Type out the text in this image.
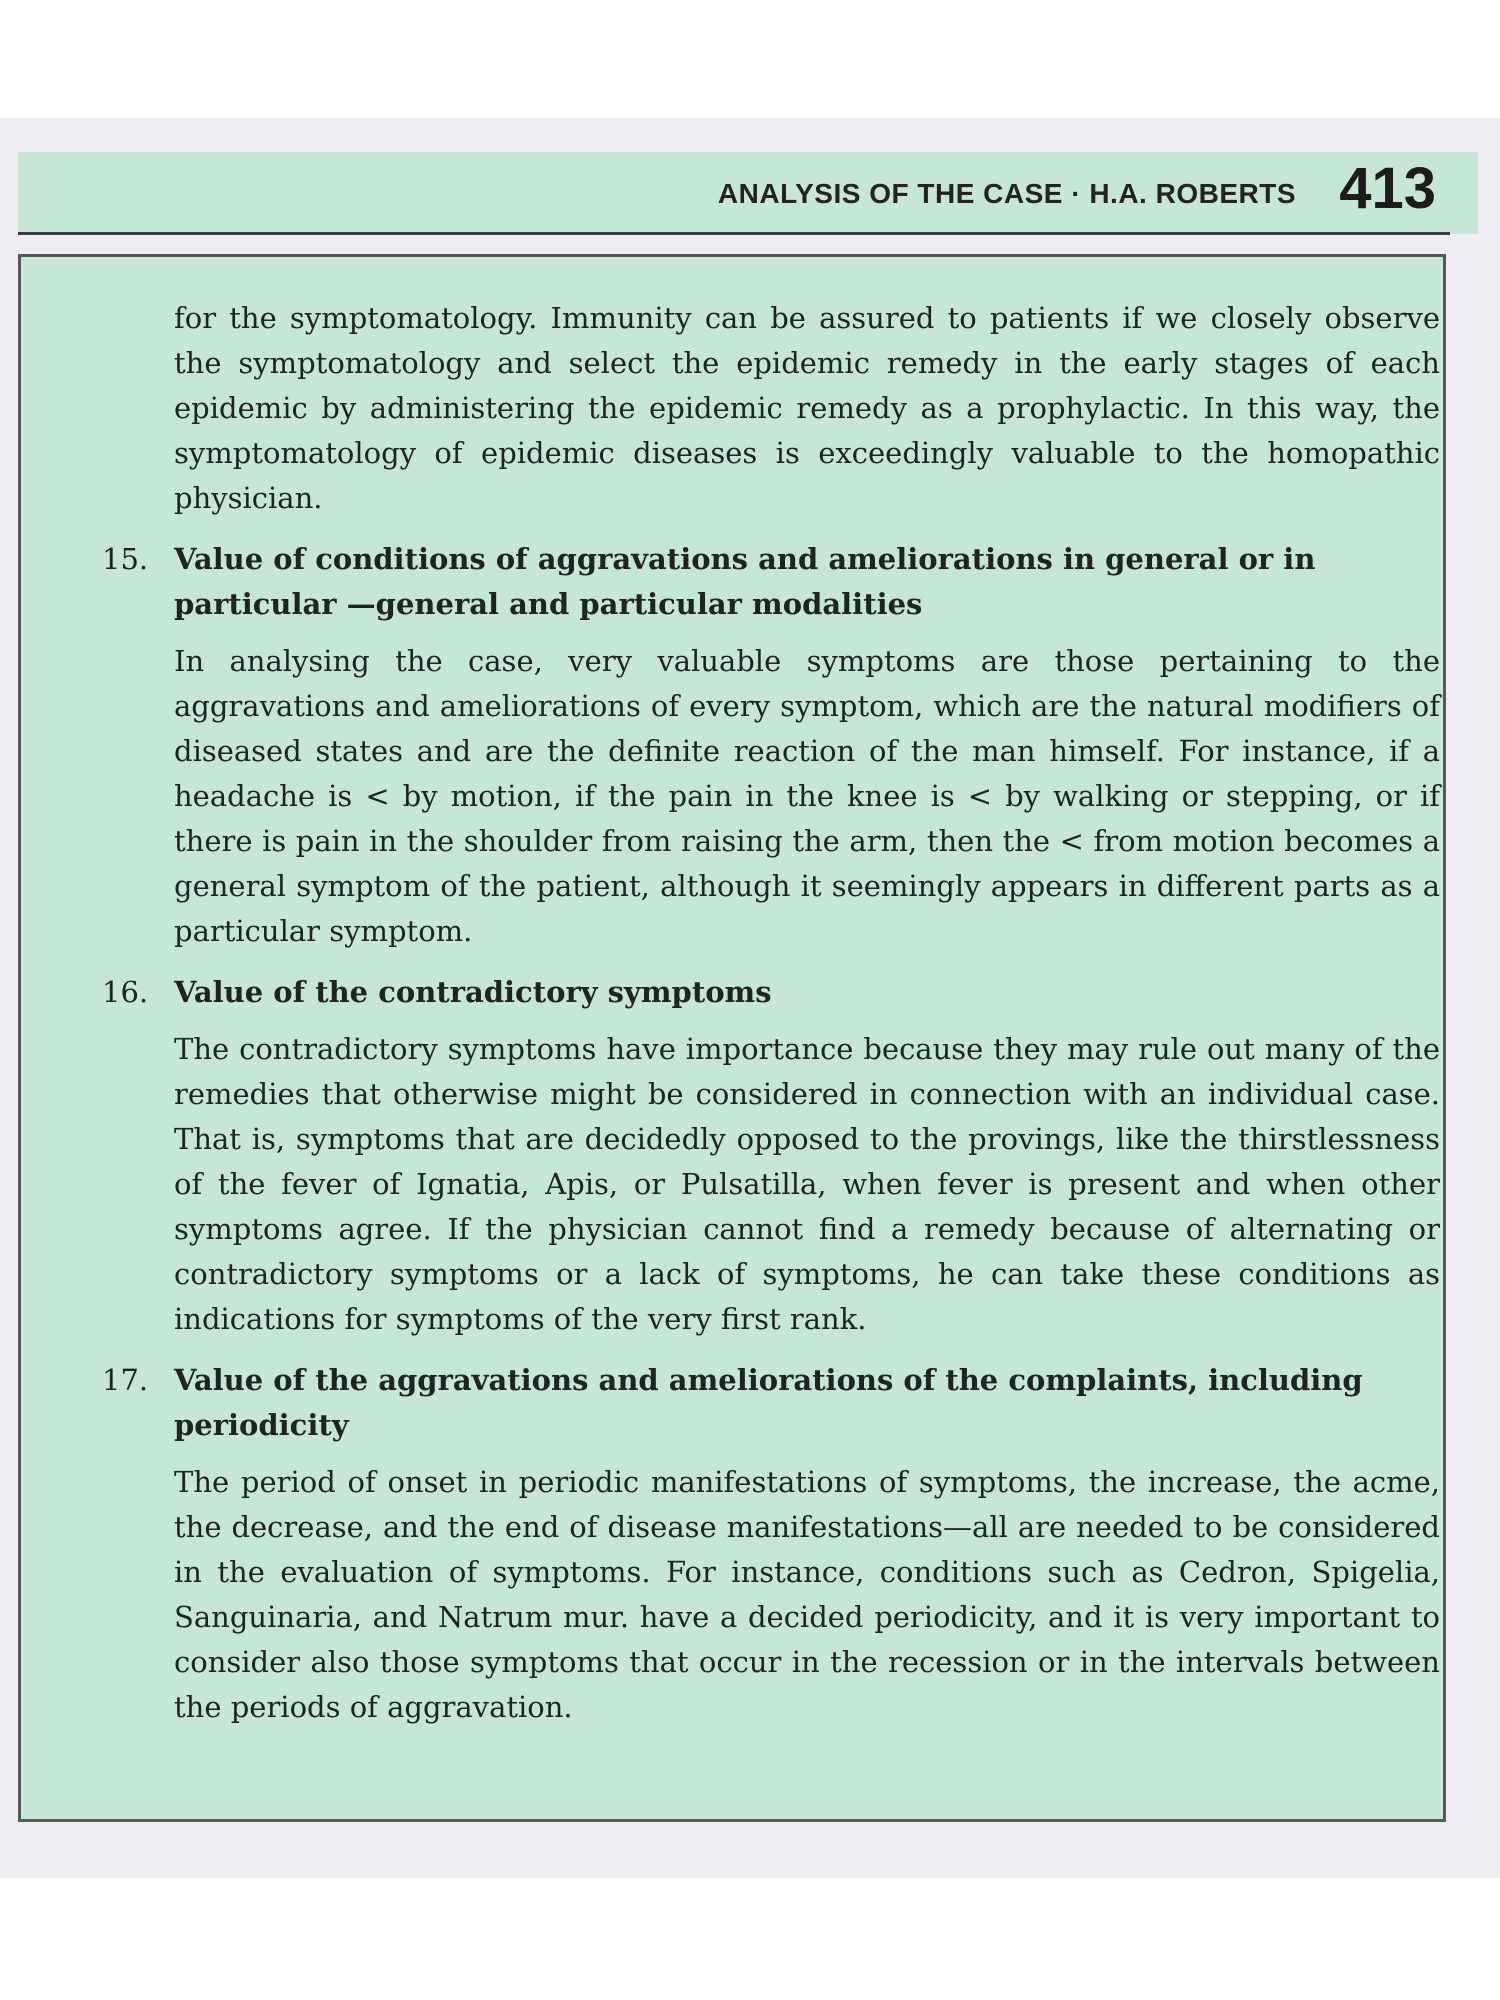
ANALYSIS OF THE CASE · H.A. ROBERTS 413

for the symptomatology. Immunity can be assured to patients if we closely observe the symptomatology and select the epidemic remedy in the early stages of each epidemic by administering the epidemic remedy as a prophylactic. In this way, the symptomatology of epidemic diseases is exceedingly valuable to the homopathic physician.

15. Value of conditions of aggravations and ameliorations in general or in particular —general and particular modalities

In analysing the case, very valuable symptoms are those pertaining to the aggravations and ameliorations of every symptom, which are the natural modifiers of diseased states and are the definite reaction of the man himself. For instance, if a headache is < by motion, if the pain in the knee is < by walking or stepping, or if there is pain in the shoulder from raising the arm, then the < from motion becomes a general symptom of the patient, although it seemingly appears in different parts as a particular symptom.

16. Value of the contradictory symptoms

The contradictory symptoms have importance because they may rule out many of the remedies that otherwise might be considered in connection with an individual case. That is, symptoms that are decidedly opposed to the provings, like the thirstlessness of the fever of Ignatia, Apis, or Pulsatilla, when fever is present and when other symptoms agree. If the physician cannot find a remedy because of alternating or contradictory symptoms or a lack of symptoms, he can take these conditions as indications for symptoms of the very first rank.

17. Value of the aggravations and ameliorations of the complaints, including periodicity

The period of onset in periodic manifestations of symptoms, the increase, the acme, the decrease, and the end of disease manifestations—all are needed to be considered in the evaluation of symptoms. For instance, conditions such as Cedron, Spigelia, Sanguinaria, and Natrum mur. have a decided periodicity, and it is very important to consider also those symptoms that occur in the recession or in the intervals between the periods of aggravation.
